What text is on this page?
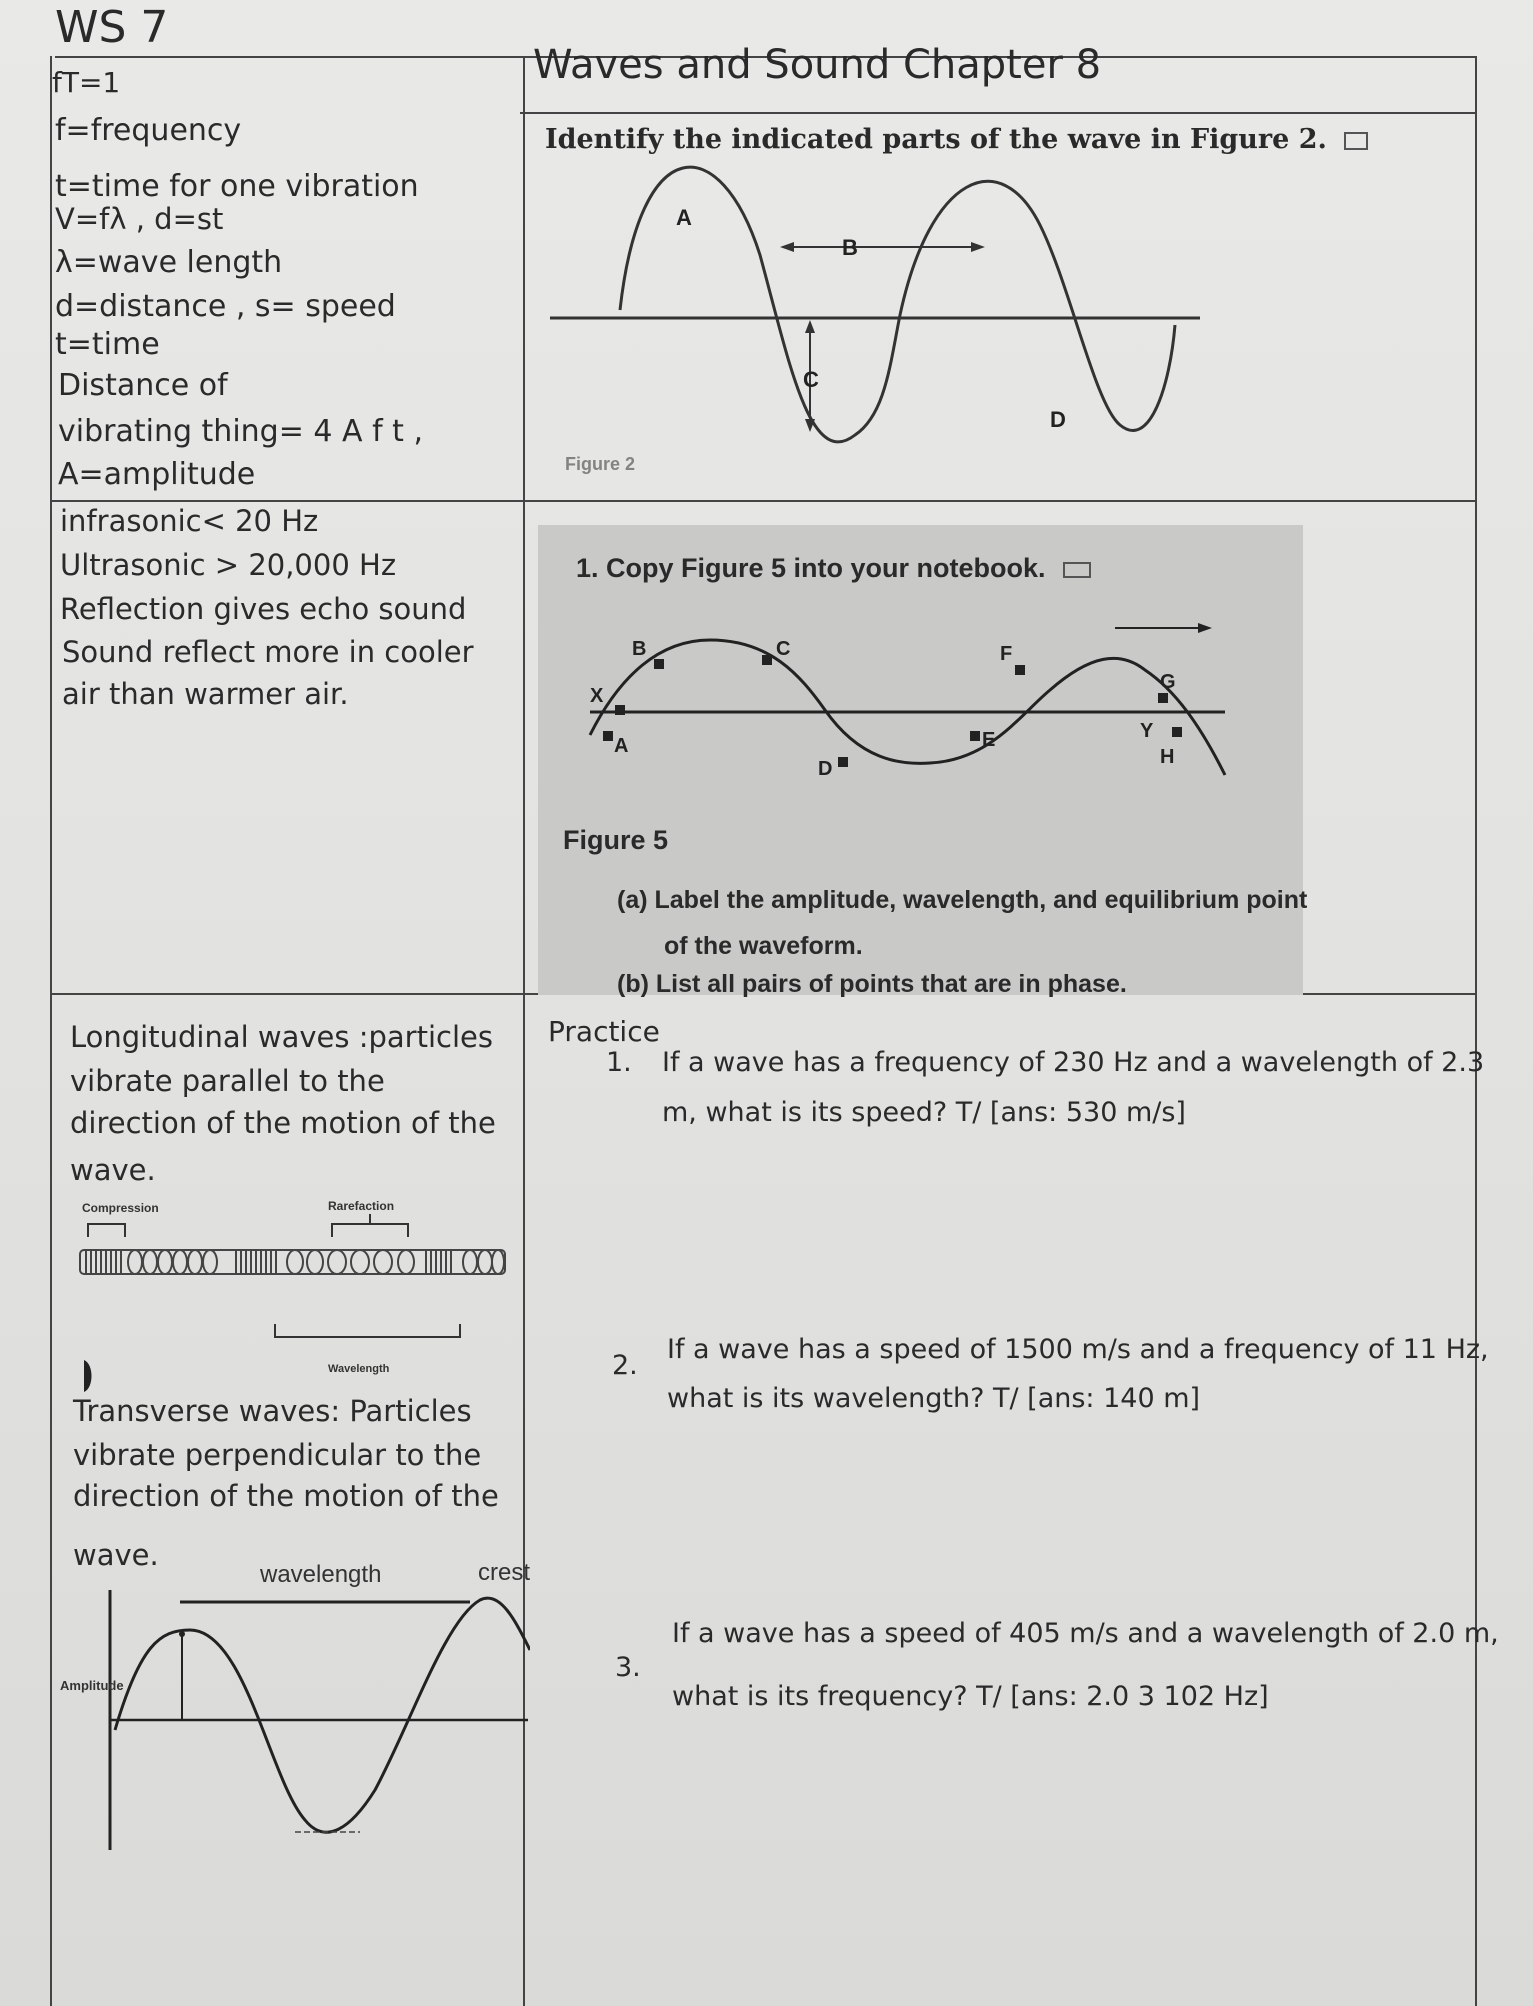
WS 7
Waves and Sound Chapter 8
fT=1
f=frequency
t=time for one vibration
V=fλ , d=st
λ=wave length
d=distance , s= speed
t=time
Distance of
vibrating thing= 4 A f t ,
A=amplitude
infrasonic< 20 Hz
Ultrasonic > 20,000 Hz
Reflection gives echo sound
Sound reflect more in cooler
air than warmer air.
Identify the indicated parts of the wave in Figure 2.
A
B
C
D
Figure 2
1. Copy Figure 5 into your notebook.
B	C	F
G
X
A
D
E	Y
H
Figure 5
(a) Label the amplitude, wavelength, and equilibrium point
of the waveform.
(b) List all pairs of points that are in phase.
Longitudinal waves :particles
vibrate parallel to the
direction of the motion of the
wave.
Compression	Rarefaction
Wavelength
Transverse waves: Particles
vibrate perpendicular to the
direction of the motion of the
wave.
wavelength	crest
Amplitude
Practice
1. If a wave has a frequency of 230 Hz and a wavelength of 2.3
m, what is its speed? T/ [ans: 530 m/s]
2.
If a wave has a speed of 1500 m/s and a frequency of 11 Hz,
what is its wavelength? T/ [ans: 140 m]
3.
If a wave has a speed of 405 m/s and a wavelength of 2.0 m,
what is its frequency? T/ [ans: 2.0 3 102 Hz]
